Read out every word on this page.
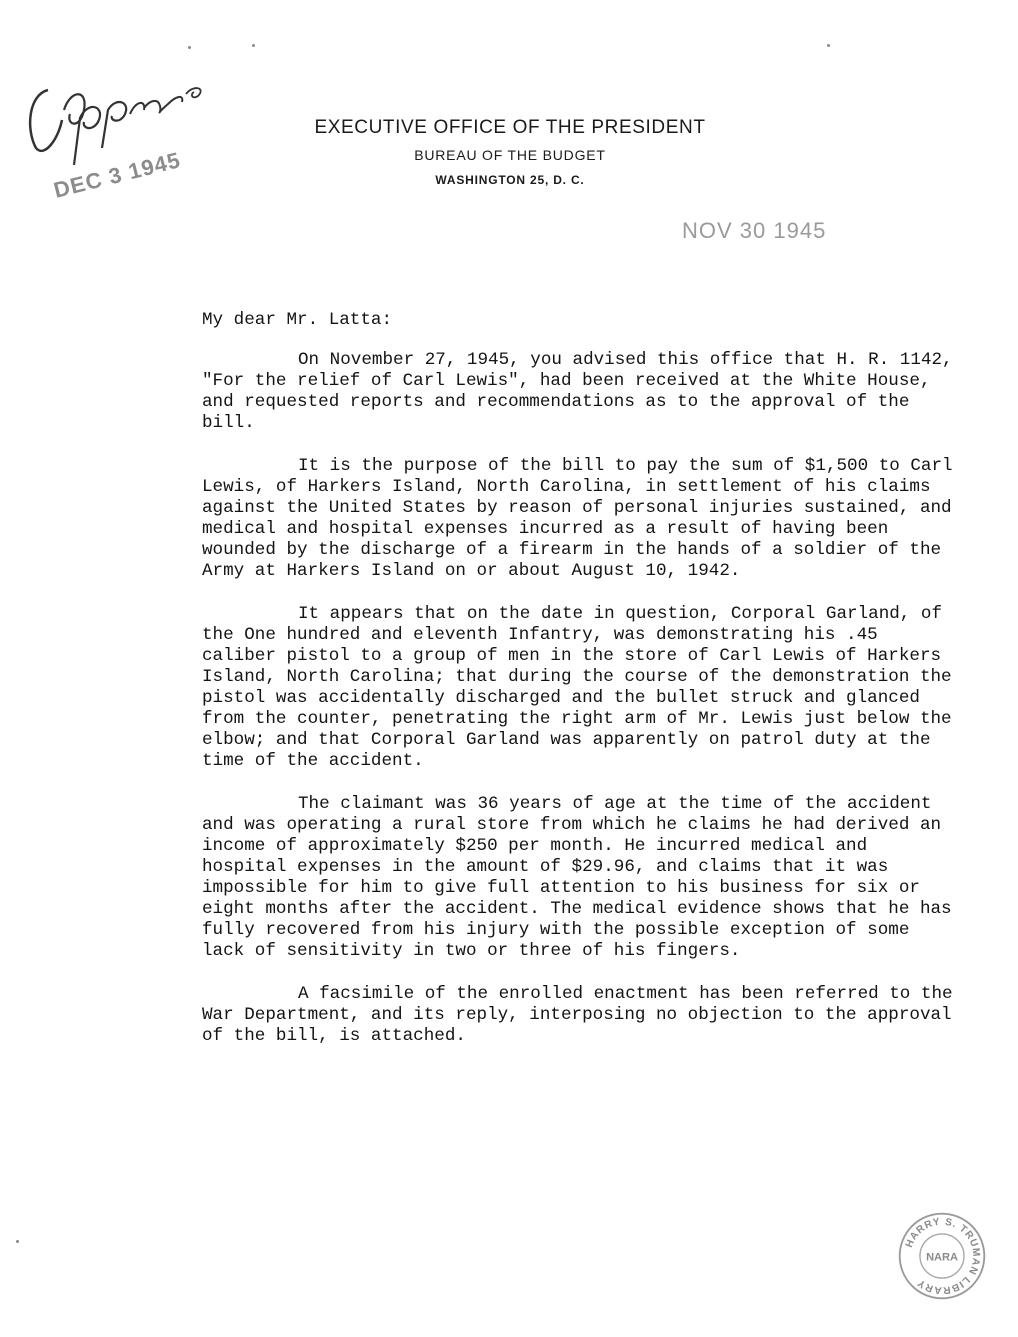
DEC 3 1945
EXECUTIVE OFFICE OF THE PRESIDENT
BUREAU OF THE BUDGET
WASHINGTON 25, D. C.
NOV 30 1945

My dear Mr. Latta:

On November 27, 1945, you advised this office that H. R. 1142, "For the relief of Carl Lewis", had been received at the White House, and requested reports and recommendations as to the approval of the bill.

It is the purpose of the bill to pay the sum of $1,500 to Carl Lewis, of Harkers Island, North Carolina, in settlement of his claims against the United States by reason of personal injuries sustained, and medical and hospital expenses incurred as a result of having been wounded by the discharge of a firearm in the hands of a soldier of the Army at Harkers Island on or about August 10, 1942.

It appears that on the date in question, Corporal Garland, of the One hundred and eleventh Infantry, was demonstrating his .45 caliber pistol to a group of men in the store of Carl Lewis of Harkers Island, North Carolina; that during the course of the demonstration the pistol was accidentally discharged and the bullet struck and glanced from the counter, penetrating the right arm of Mr. Lewis just below the elbow; and that Corporal Garland was apparently on patrol duty at the time of the accident.

The claimant was 36 years of age at the time of the accident and was operating a rural store from which he claims he had derived an income of approximately $250 per month. He incurred medical and hospital expenses in the amount of $29.96, and claims that it was impossible for him to give full attention to his business for six or eight months after the accident. The medical evidence shows that he has fully recovered from his injury with the possible exception of some lack of sensitivity in two or three of his fingers.

A facsimile of the enrolled enactment has been referred to the War Department, and its reply, interposing no objection to the approval of the bill, is attached.

HARRY S. TRUMAN LIBRARY
NARA
